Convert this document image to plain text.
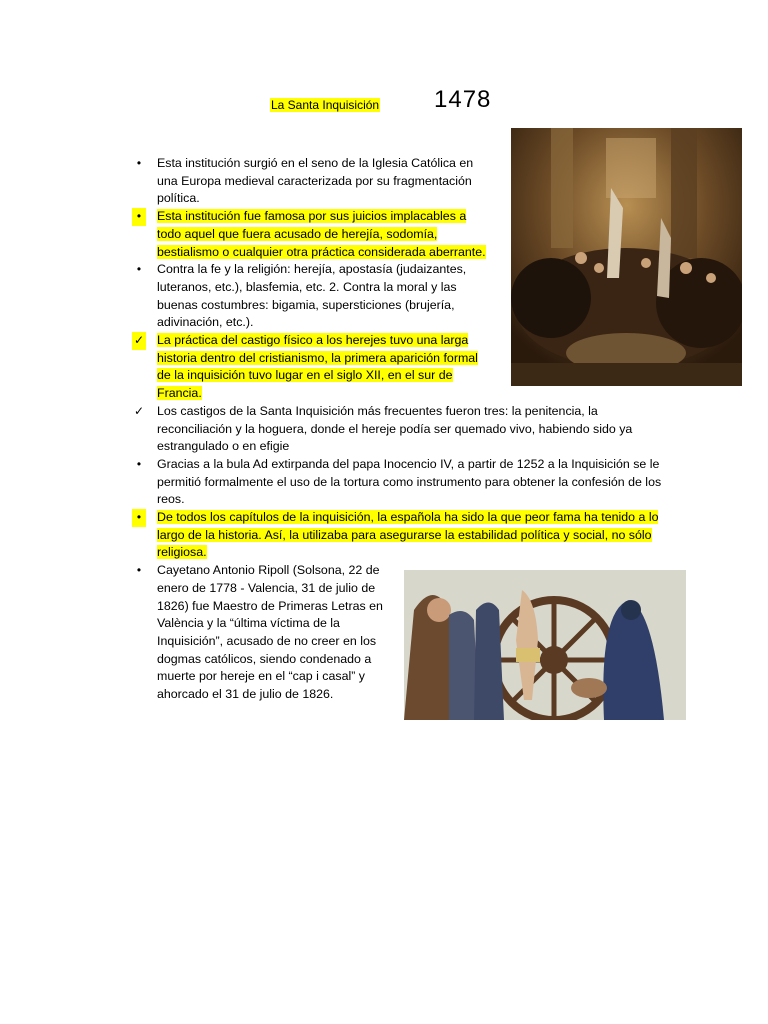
La Santa Inquisición 1478
•	Esta institución surgió en el seno de la Iglesia Católica en una Europa medieval caracterizada por su fragmentación política.
•	Esta institución fue famosa por sus juicios implacables a todo aquel que fuera acusado de herejía, sodomía, bestialismo o cualquier otra práctica considerada aberrante.
•	Contra la fe y la religión: herejía, apostasía (judaizantes, luteranos, etc.), blasfemia, etc. 2. Contra la moral y las buenas costumbres: bigamia, supersticiones (brujería, adivinación, etc.).
✓ La práctica del castigo físico a los herejes tuvo una larga historia dentro del cristianismo, la primera aparición formal de la inquisición tuvo lugar en el siglo XII, en el sur de Francia.
✓ Los castigos de la Santa Inquisición más frecuentes fueron tres: la penitencia, la reconciliación y la hoguera, donde el hereje podía ser quemado vivo, habiendo sido ya estrangulado o en efigie
•	Gracias a la bula Ad extirpanda del papa Inocencio IV, a partir de 1252 a la Inquisición se le permitió formalmente el uso de la tortura como instrumento para obtener la confesión de los reos.
•	De todos los capítulos de la inquisición, la española ha sido la que peor fama ha tenido a lo largo de la historia. Así, la utilizaba para asegurarse la estabilidad política y social, no sólo religiosa.
•	Cayetano Antonio Ripoll (Solsona, 22 de enero de 1778 - Valencia, 31 de julio de 1826) fue Maestro de Primeras Letras en València y la “última víctima de la Inquisición”, acusado de no creer en los dogmas católicos, siendo condenado a muerte por hereje en el “cap i casal” y ahorcado el 31 de julio de 1826.
